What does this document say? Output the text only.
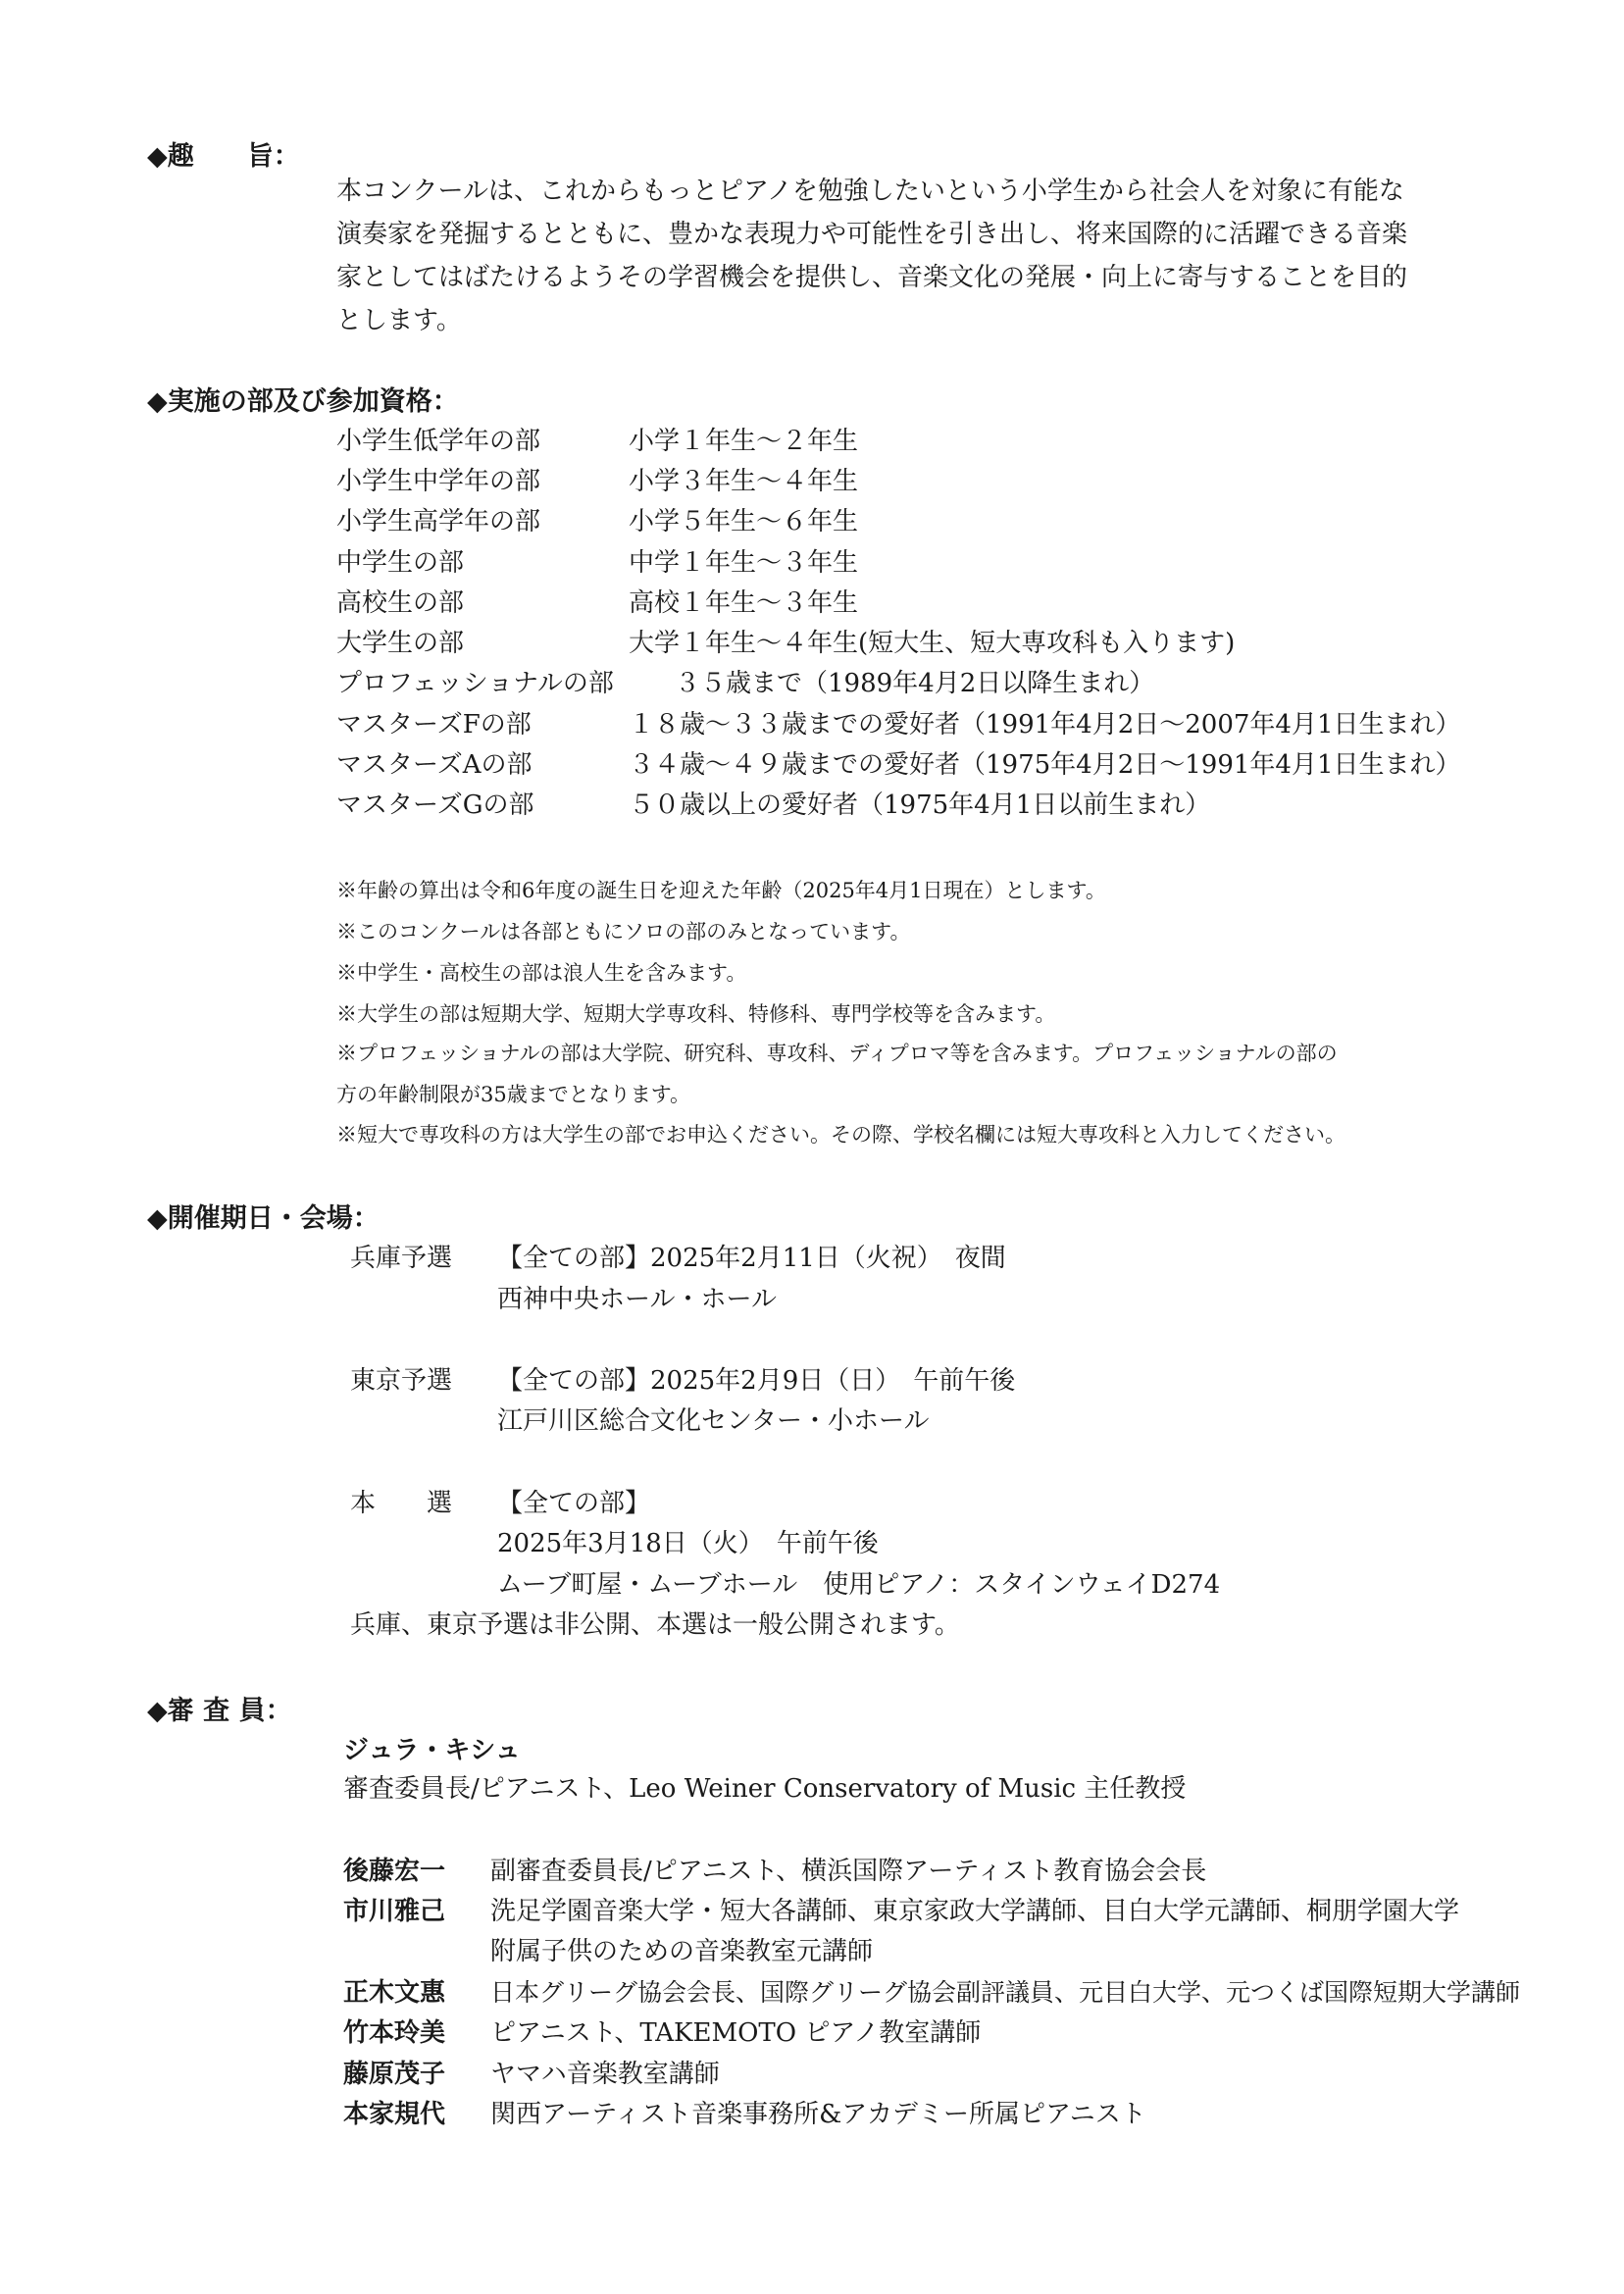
◆趣　　旨：
本コンクールは、これからもっとピアノを勉強したいという小学生から社会人を対象に有能な
演奏家を発掘するとともに、豊かな表現力や可能性を引き出し、将来国際的に活躍できる音楽
家としてはばたけるようその学習機会を提供し、音楽文化の発展・向上に寄与することを目的
とします。
◆実施の部及び参加資格：
小学生低学年の部	小学１年生～２年生
小学生中学年の部	小学３年生～４年生
小学生高学年の部	小学５年生～６年生
中学生の部	中学１年生～３年生
高校生の部	高校１年生～３年生
大学生の部	大学１年生～４年生(短大生、短大専攻科も入ります)
プロフェッショナルの部 ３５歳まで（1989年4月2日以降生まれ）
マスターズFの部	１８歳～３３歳までの愛好者（1991年4月2日～2007年4月1日生まれ）
マスターズAの部	３４歳～４９歳までの愛好者（1975年4月2日～1991年4月1日生まれ）
マスターズGの部	５０歳以上の愛好者（1975年4月1日以前生まれ）
※年齢の算出は令和6年度の誕生日を迎えた年齢（2025年4月1日現在）とします。
※このコンクールは各部ともにソロの部のみとなっています。
※中学生・高校生の部は浪人生を含みます。
※大学生の部は短期大学、短期大学専攻科、特修科、専門学校等を含みます。
※プロフェッショナルの部は大学院、研究科、専攻科、ディプロマ等を含みます。プロフェッショナルの部の
方の年齢制限が35歳までとなります。
※短大で専攻科の方は大学生の部でお申込ください。その際、学校名欄には短大専攻科と入力してください。
◆開催期日・会場：
兵庫予選 【全ての部】2025年2月11日（火祝）　夜間
西神中央ホール・ホール
東京予選 【全ての部】2025年2月9日（日）　午前午後
江戸川区総合文化センター・小ホール
本　　選 【全ての部】
2025年3月18日（火）　午前午後
ムーブ町屋・ムーブホール　使用ピアノ：スタインウェイD274
兵庫、東京予選は非公開、本選は一般公開されます。
◆審 査 員：
ジュラ・キシュ
審査委員長/ピアニスト、Leo Weiner Conservatory of Music 主任教授
後藤宏一 副審査委員長/ピアニスト、横浜国際アーティスト教育協会会長
市川雅己 洗足学園音楽大学・短大各講師、東京家政大学講師、目白大学元講師、桐朋学園大学
附属子供のための音楽教室元講師
正木文惠 日本グリーグ協会会長、国際グリーグ協会副評議員、元目白大学、元つくば国際短期大学講師
竹本玲美 ピアニスト、TAKEMOTO ピアノ教室講師
藤原茂子 ヤマハ音楽教室講師
本家規代 関西アーティスト音楽事務所&アカデミー所属ピアニスト
